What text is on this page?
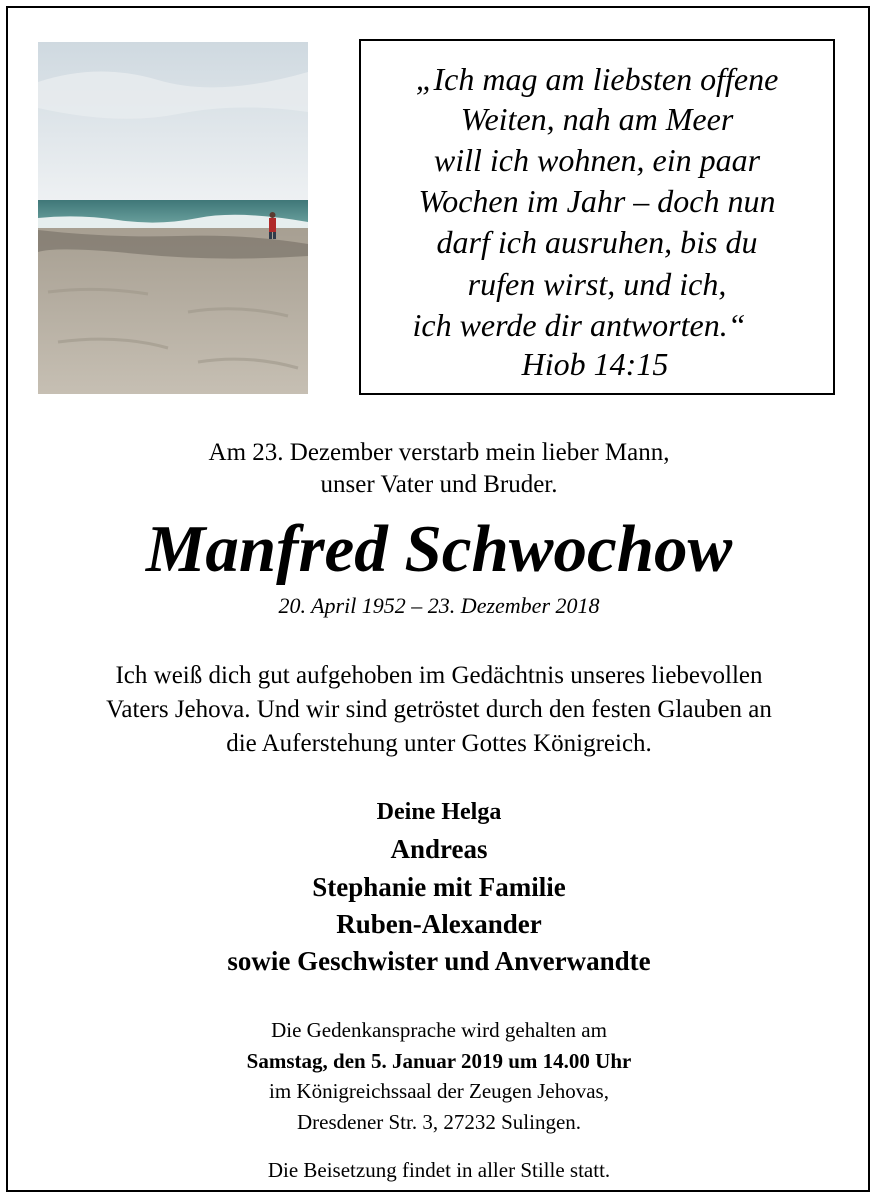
„Ich mag am liebsten offene
Weiten, nah am Meer
will ich wohnen, ein paar
Wochen im Jahr – doch nun
darf ich ausruhen, bis du
rufen wirst, und ich,
ich werde dir antworten.“
Hiob 14:15
Am 23. Dezember verstarb mein lieber Mann,
unser Vater und Bruder.
Manfred Schwochow
20. April 1952 – 23. Dezember 2018
Ich weiß dich gut aufgehoben im Gedächtnis unseres liebevollen
Vaters Jehova. Und wir sind getröstet durch den festen Glauben an
die Auferstehung unter Gottes Königreich.
Deine Helga
Andreas
Stephanie mit Familie
Ruben-Alexander
sowie Geschwister und Anverwandte
Die Gedenkansprache wird gehalten am
Samstag, den 5. Januar 2019 um 14.00 Uhr
im Königreichssaal der Zeugen Jehovas,
Dresdener Str. 3, 27232 Sulingen.
Die Beisetzung findet in aller Stille statt.
